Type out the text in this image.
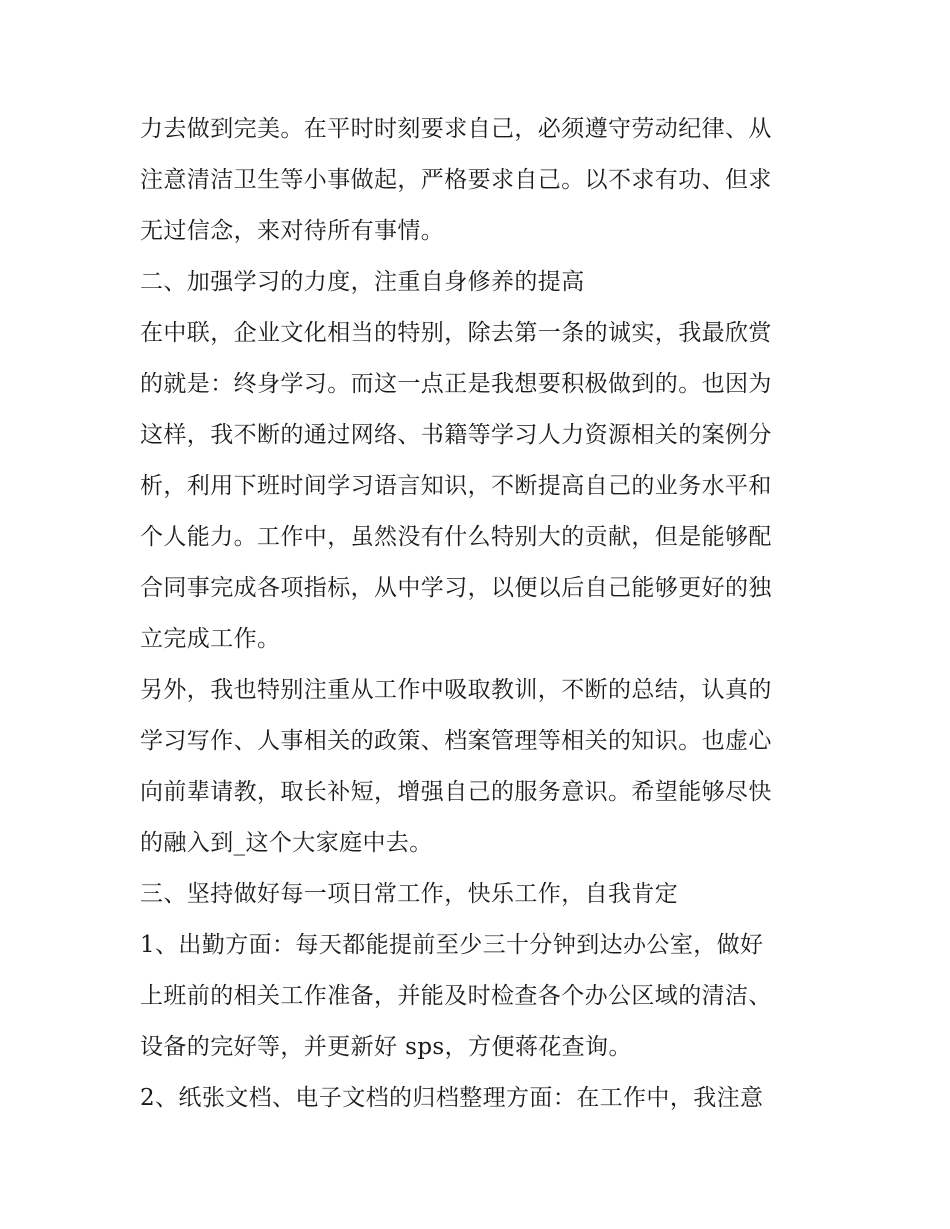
力去做到完美。在平时时刻要求自己，必须遵守劳动纪律、从
注意清洁卫生等小事做起，严格要求自己。以不求有功、但求
无过信念，来对待所有事情。

二、加强学习的力度，注重自身修养的提高

在中联，企业文化相当的特别，除去第一条的诚实，我最欣赏
的就是：终身学习。而这一点正是我想要积极做到的。也因为
这样，我不断的通过网络、书籍等学习人力资源相关的案例分
析，利用下班时间学习语言知识，不断提高自己的业务水平和
个人能力。工作中，虽然没有什么特别大的贡献，但是能够配
合同事完成各项指标，从中学习，以便以后自己能够更好的独
立完成工作。

另外，我也特别注重从工作中吸取教训，不断的总结，认真的
学习写作、人事相关的政策、档案管理等相关的知识。也虚心
向前辈请教，取长补短，增强自己的服务意识。希望能够尽快
的融入到_这个大家庭中去。

三、坚持做好每一项日常工作，快乐工作，自我肯定

1、出勤方面：每天都能提前至少三十分钟到达办公室，做好
上班前的相关工作准备，并能及时检查各个办公区域的清洁、
设备的完好等，并更新好 sps，方便蒋花查询。

2、纸张文档、电子文档的归档整理方面：在工作中，我注意
